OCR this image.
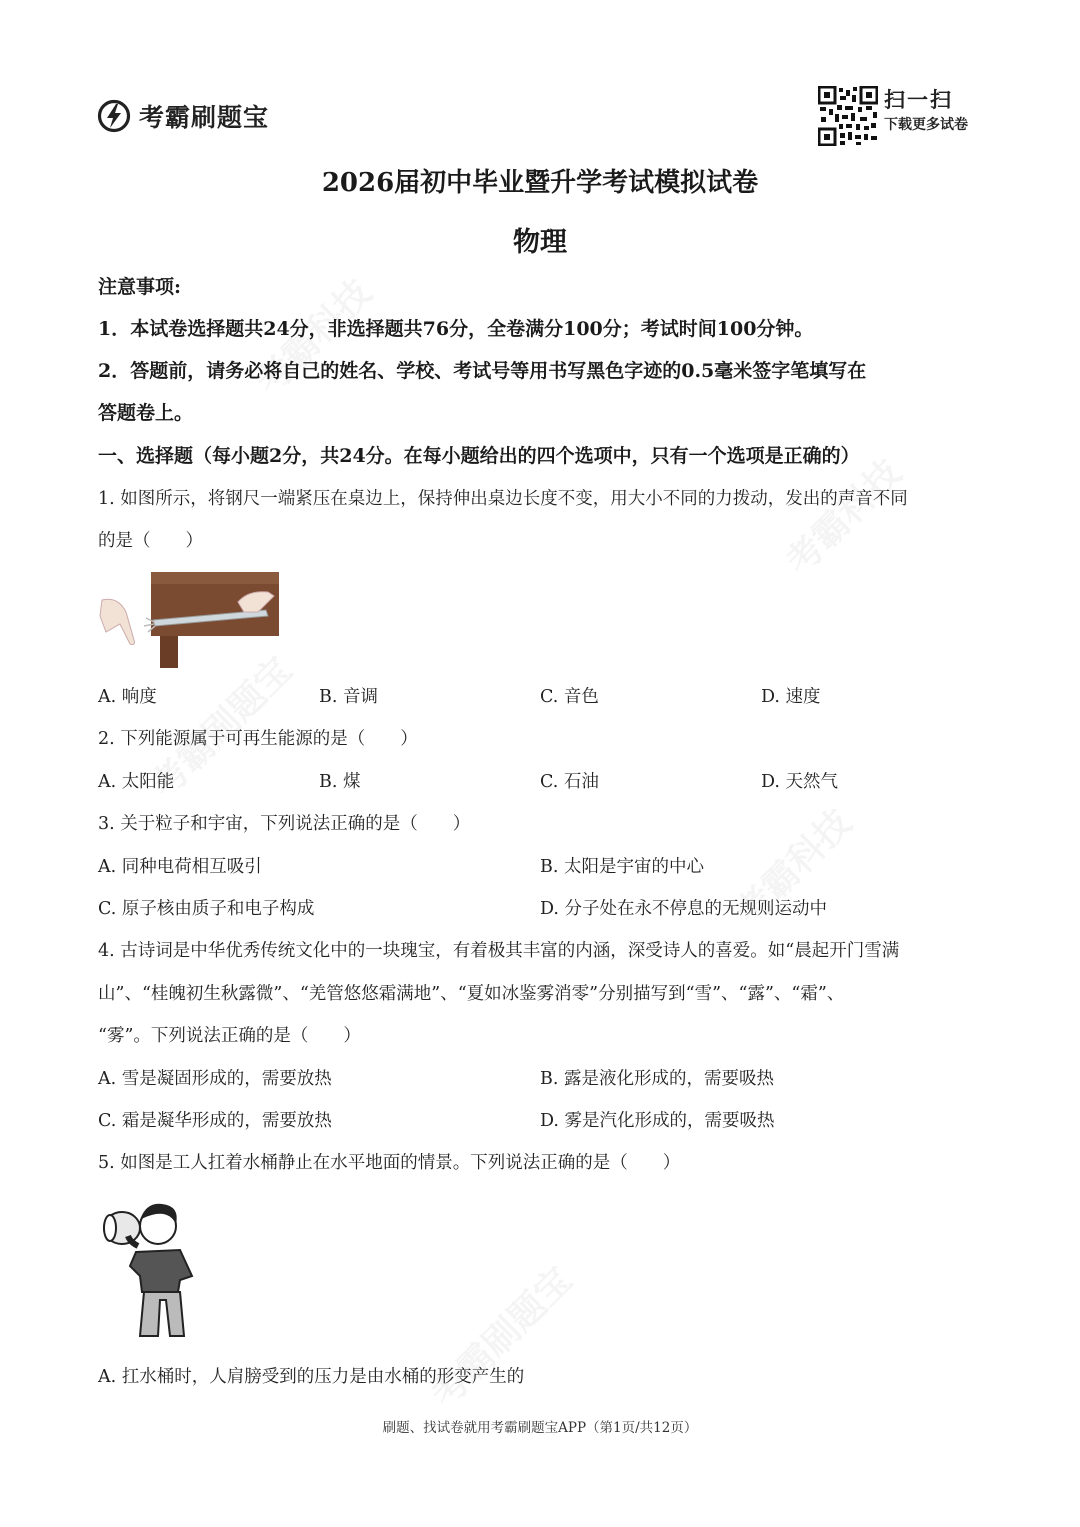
考霸刷题宝
扫一扫
下载更多试卷
2026届初中毕业暨升学考试模拟试卷
物理
注意事项:
1．本试卷选择题共24分，非选择题共76分，全卷满分100分；考试时间100分钟。
2．答题前，请务必将自己的姓名、学校、考试号等用书写黑色字迹的0.5毫米签字笔填写在
答题卷上。
一、选择题（每小题2分，共24分。在每小题给出的四个选项中，只有一个选项是正确的）
1. 如图所示，将钢尺一端紧压在桌边上，保持伸出桌边长度不变，用大小不同的力拨动，发出的声音不同
的是（　　）
A. 响度	B. 音调	C. 音色	D. 速度
2. 下列能源属于可再生能源的是（　　）
A. 太阳能	B. 煤	C. 石油	D. 天然气
3. 关于粒子和宇宙，下列说法正确的是（　　）
A. 同种电荷相互吸引	B. 太阳是宇宙的中心
C. 原子核由质子和电子构成	D. 分子处在永不停息的无规则运动中
4. 古诗词是中华优秀传统文化中的一块瑰宝，有着极其丰富的内涵，深受诗人的喜爱。如“晨起开门雪满
山”、“桂魄初生秋露微”、“羌管悠悠霜满地”、“夏如冰鉴雾消零”分别描写到“雪”、“露”、“霜”、
“雾”。下列说法正确的是（　　）
A. 雪是凝固形成的，需要放热	B. 露是液化形成的，需要吸热
C. 霜是凝华形成的，需要放热	D. 雾是汽化形成的，需要吸热
5. 如图是工人扛着水桶静止在水平地面的情景。下列说法正确的是（　　）
A. 扛水桶时，人肩膀受到的压力是由水桶的形变产生的
刷题、找试卷就用考霸刷题宝APP（第1页/共12页）
